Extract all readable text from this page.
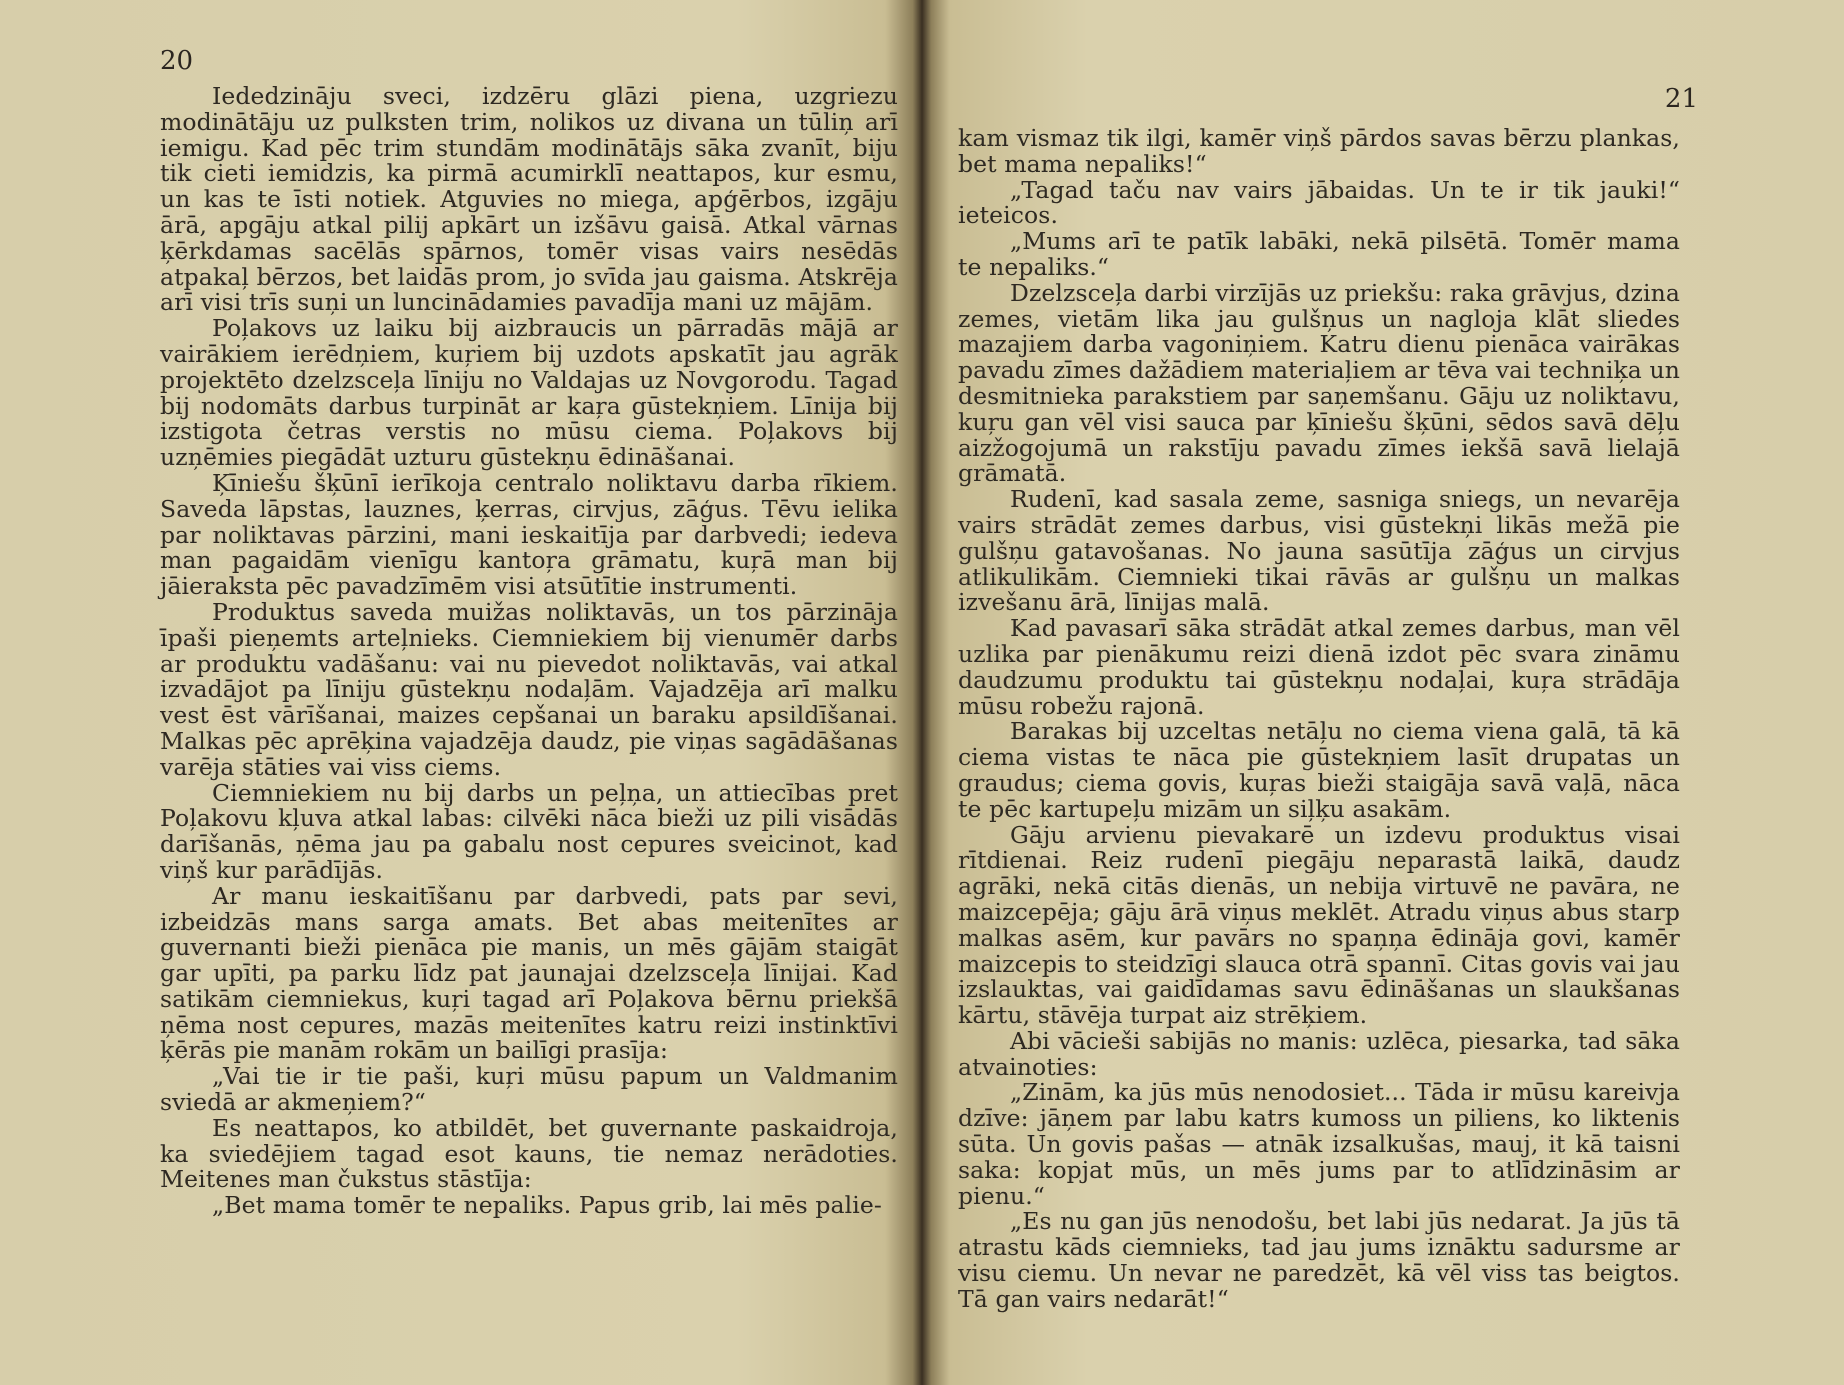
20

Iededzināju sveci, izdzēru glāzi piena, uzgriezu modinātāju uz pulksten trim, nolikos uz divana un tūliņ arī iemigu. Kad pēc trim stundām modinātājs sāka zvanīt, biju tik cieti iemidzis, ka pirmā acumirklī neattapos, kur esmu, un kas te īsti notiek. Atguvies no miega, apģērbos, izgāju ārā, apgāju atkal pilij apkārt un izšāvu gaisā. Atkal vārnas ķērkdamas sacēlās spārnos, tomēr visas vairs nesēdās atpakaļ bērzos, bet laidās prom, jo svīda jau gaisma. Atskrēja arī visi trīs suņi un luncinādamies pavadīja mani uz mājām.

Poļakovs uz laiku bij aizbraucis un pārradās mājā ar vairākiem ierēdņiem, kuŗiem bij uzdots apskatīt jau agrāk projektēto dzelzsceļa līniju no Valdajas uz Novgorodu. Tagad bij nodomāts darbus turpināt ar kaŗa gūstekņiem. Līnija bij izstigota četras verstis no mūsu ciema. Poļakovs bij uzņēmies piegādāt uzturu gūstekņu ēdināšanai.

Ķīniešu šķūnī ierīkoja centralo noliktavu darba rīkiem. Saveda lāpstas, lauznes, ķerras, cirvjus, zāģus. Tēvu ielika par noliktavas pārzini, mani ieskaitīja par darbvedi; iedeva man pagaidām vienīgu kantoŗa grāmatu, kuŗā man bij jāieraksta pēc pavadzīmēm visi atsūtītie instrumenti.

Produktus saveda muižas noliktavās, un tos pārzināja īpaši pieņemts arteļnieks. Ciemniekiem bij vienumēr darbs ar produktu vadāšanu: vai nu pievedot noliktavās, vai atkal izvadājot pa līniju gūstekņu nodaļām. Vajadzēja arī malku vest ēst vārīšanai, maizes cepšanai un baraku apsildīšanai. Malkas pēc aprēķina vajadzēja daudz, pie viņas sagādāšanas varēja stāties vai viss ciems.

Ciemniekiem nu bij darbs un peļņa, un attiecības pret Poļakovu kļuva atkal labas: cilvēki nāca bieži uz pili visādās darīšanās, ņēma jau pa gabalu nost cepures sveicinot, kad viņš kur parādījās.

Ar manu ieskaitīšanu par darbvedi, pats par sevi, izbeidzās mans sarga amats. Bet abas meitenītes ar guvernanti bieži pienāca pie manis, un mēs gājām staigāt gar upīti, pa parku līdz pat jaunajai dzelzsceļa līnijai. Kad satikām ciemniekus, kuŗi tagad arī Poļakova bērnu priekšā ņēma nost cepures, mazās meitenītes katru reizi instinktīvi ķērās pie manām rokām un bailīgi prasīja:

„Vai tie ir tie paši, kuŗi mūsu papum un Valdmanim sviedā ar akmeņiem?“

Es neattapos, ko atbildēt, bet guvernante paskaidroja, ka sviedējiem tagad esot kauns, tie nemaz nerādoties. Meitenes man čukstus stāstīja:

„Bet mama tomēr te nepaliks. Papus grib, lai mēs palie-

21

kam vismaz tik ilgi, kamēr viņš pārdos savas bērzu plankas, bet mama nepaliks!“

„Tagad taču nav vairs jābaidas. Un te ir tik jauki!“ ieteicos.

„Mums arī te patīk labāki, nekā pilsētā. Tomēr mama te nepaliks.“

Dzelzsceļa darbi virzījās uz priekšu: raka grāvjus, dzina zemes, vietām lika jau gulšņus un nagloja klāt sliedes mazajiem darba vagoniņiem. Katru dienu pienāca vairākas pavadu zīmes dažādiem materiaļiem ar tēva vai techniķa un desmitnieka parakstiem par saņemšanu. Gāju uz noliktavu, kuŗu gan vēl visi sauca par ķīniešu šķūni, sēdos savā dēļu aizžogojumā un rakstīju pavadu zīmes iekšā savā lielajā grāmatā.

Rudenī, kad sasala zeme, sasniga sniegs, un nevarēja vairs strādāt zemes darbus, visi gūstekņi likās mežā pie gulšņu gatavošanas. No jauna sasūtīja zāģus un cirvjus atlikulikām. Ciemnieki tikai rāvās ar gulšņu un malkas izvešanu ārā, līnijas malā.

Kad pavasarī sāka strādāt atkal zemes darbus, man vēl uzlika par pienākumu reizi dienā izdot pēc svara zināmu daudzumu produktu tai gūstekņu nodaļai, kuŗa strādāja mūsu robežu rajonā.

Barakas bij uzceltas netāļu no ciema viena galā, tā kā ciema vistas te nāca pie gūstekņiem lasīt drupatas un graudus; ciema govis, kuŗas bieži staigāja savā vaļā, nāca te pēc kartupeļu mizām un siļķu asakām.

Gāju arvienu pievakarē un izdevu produktus visai rītdienai. Reiz rudenī piegāju neparastā laikā, daudz agrāki, nekā citās dienās, un nebija virtuvē ne pavāra, ne maizcepēja; gāju ārā viņus meklēt. Atradu viņus abus starp malkas asēm, kur pavārs no spaņņa ēdināja govi, kamēr maizcepis to steidzīgi slauca otrā spannī. Citas govis vai jau izslauktas, vai gaidīdamas savu ēdināšanas un slaukšanas kārtu, stāvēja turpat aiz strēķiem.

Abi vācieši sabijās no manis: uzlēca, piesarka, tad sāka atvainoties:

„Zinām, ka jūs mūs nenodosiet... Tāda ir mūsu kareivja dzīve: jāņem par labu katrs kumoss un piliens, ko liktenis sūta. Un govis pašas — atnāk izsalkušas, mauj, it kā taisni saka: kopjat mūs, un mēs jums par to atlīdzināsim ar pienu.“

„Es nu gan jūs nenodošu, bet labi jūs nedarat. Ja jūs tā atrastu kāds ciemnieks, tad jau jums iznāktu sadursme ar visu ciemu. Un nevar ne paredzēt, kā vēl viss tas beigtos. Tā gan vairs nedarāt!“
